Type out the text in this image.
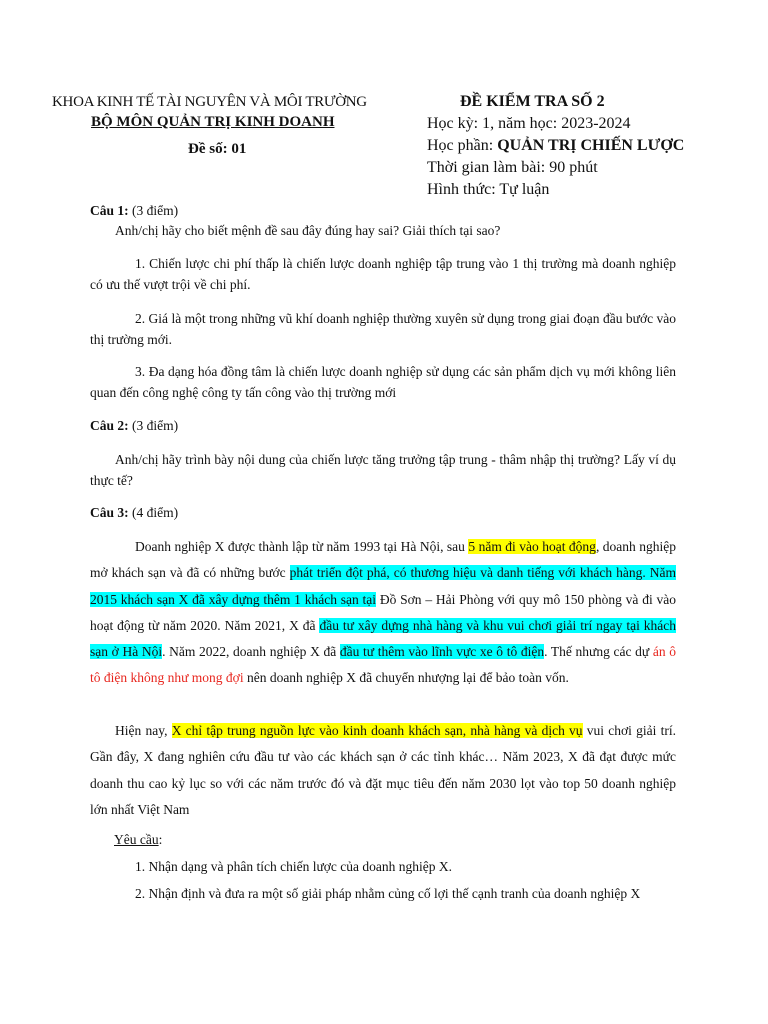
KHOA KINH TẾ TÀI NGUYÊN VÀ MÔI TRƯỜNG
BỘ MÔN QUẢN TRỊ KINH DOANH
Đề số: 01
ĐỀ KIỂM TRA SỐ 2
Học kỳ: 1, năm học: 2023-2024
Học phần: QUẢN TRỊ CHIẾN LƯỢC
Thời gian làm bài: 90 phút
Hình thức: Tự luận
Câu 1: (3 điểm)
Anh/chị hãy cho biết mệnh đề sau đây đúng hay sai? Giải thích tại sao?
1. Chiến lược chi phí thấp là chiến lược doanh nghiệp tập trung vào 1 thị trường mà doanh nghiệp có ưu thế vượt trội về chi phí.
2. Giá là một trong những vũ khí doanh nghiệp thường xuyên sử dụng trong giai đoạn đầu bước vào thị trường mới.
3. Đa dạng hóa đồng tâm là chiến lược doanh nghiệp sử dụng các sản phẩm dịch vụ mới không liên quan đến công nghệ công ty tấn công vào thị trường mới
Câu 2: (3 điểm)
Anh/chị hãy trình bày nội dung của chiến lược tăng trưởng tập trung - thâm nhập thị trường? Lấy ví dụ thực tế?
Câu 3: (4 điểm)
Doanh nghiệp X được thành lập từ năm 1993 tại Hà Nội, sau 5 năm đi vào hoạt động, doanh nghiệp mở khách sạn và đã có những bước phát triển đột phá, có thương hiệu và danh tiếng với khách hàng. Năm 2015 khách sạn X đã xây dựng thêm 1 khách sạn tại Đồ Sơn – Hải Phòng với quy mô 150 phòng và đi vào hoạt động từ năm 2020. Năm 2021, X đã đầu tư xây dựng nhà hàng và khu vui chơi giải trí ngay tại khách sạn ở Hà Nội. Năm 2022, doanh nghiệp X đã đầu tư thêm vào lĩnh vực xe ô tô điện. Thế nhưng các dự án ô tô điện không như mong đợi nên doanh nghiệp X đã chuyển nhượng lại để bảo toàn vốn.
Hiện nay, X chỉ tập trung nguồn lực vào kinh doanh khách sạn, nhà hàng và dịch vụ vui chơi giải trí. Gần đây, X đang nghiên cứu đầu tư vào các khách sạn ở các tỉnh khác… Năm 2023, X đã đạt được mức doanh thu cao kỷ lục so với các năm trước đó và đặt mục tiêu đến năm 2030 lọt vào top 50 doanh nghiệp lớn nhất Việt Nam
Yêu cầu:
1. Nhận dạng và phân tích chiến lược của doanh nghiệp X.
2. Nhận định và đưa ra một số giải pháp nhằm củng cố lợi thế cạnh tranh của doanh nghiệp X
